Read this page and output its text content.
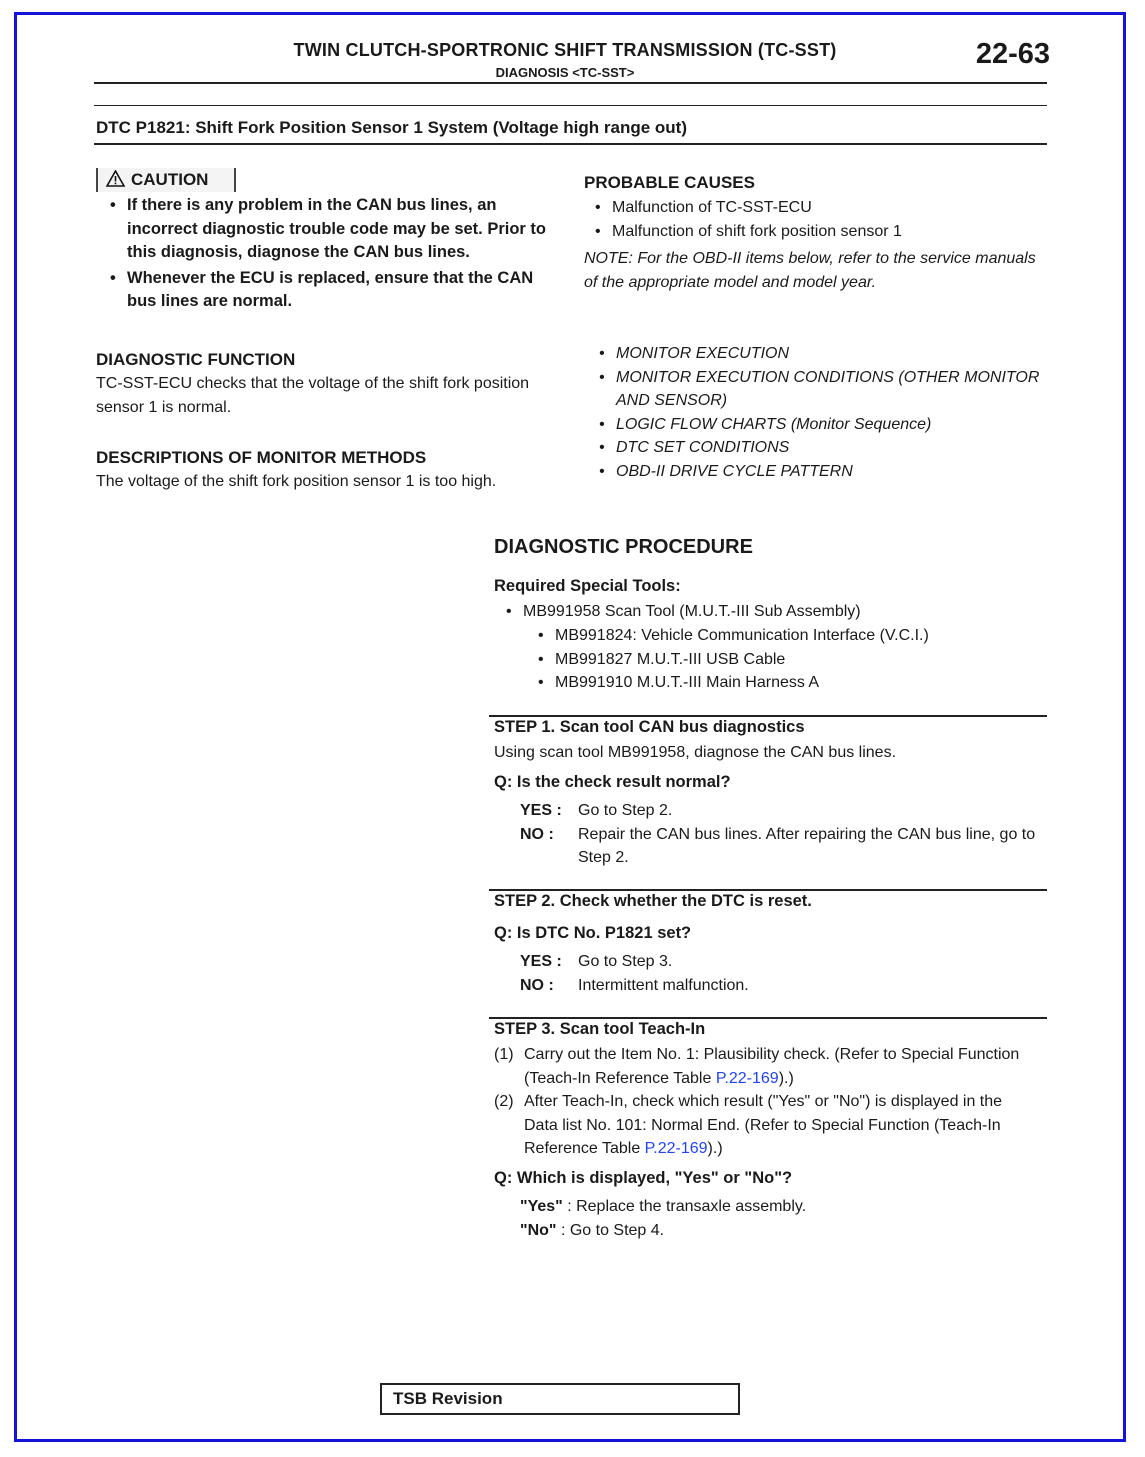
TWIN CLUTCH-SPORTRONIC SHIFT TRANSMISSION (TC-SST)
DIAGNOSIS <TC-SST>
22-63
DTC P1821: Shift Fork Position Sensor 1 System (Voltage high range out)
CAUTION
• If there is any problem in the CAN bus lines, an incorrect diagnostic trouble code may be set. Prior to this diagnosis, diagnose the CAN bus lines.
• Whenever the ECU is replaced, ensure that the CAN bus lines are normal.
DIAGNOSTIC FUNCTION
TC-SST-ECU checks that the voltage of the shift fork position sensor 1 is normal.
DESCRIPTIONS OF MONITOR METHODS
The voltage of the shift fork position sensor 1 is too high.
PROBABLE CAUSES
• Malfunction of TC-SST-ECU
• Malfunction of shift fork position sensor 1
NOTE: For the OBD-II items below, refer to the service manuals of the appropriate model and model year.
• MONITOR EXECUTION
• MONITOR EXECUTION CONDITIONS (OTHER MONITOR AND SENSOR)
• LOGIC FLOW CHARTS (Monitor Sequence)
• DTC SET CONDITIONS
• OBD-II DRIVE CYCLE PATTERN
DIAGNOSTIC PROCEDURE
Required Special Tools:
• MB991958 Scan Tool (M.U.T.-III Sub Assembly)
• MB991824: Vehicle Communication Interface (V.C.I.)
• MB991827 M.U.T.-III USB Cable
• MB991910 M.U.T.-III Main Harness A
STEP 1. Scan tool CAN bus diagnostics
Using scan tool MB991958, diagnose the CAN bus lines.
Q: Is the check result normal?
YES :	Go to Step 2.
NO :	Repair the CAN bus lines. After repairing the CAN bus line, go to Step 2.
STEP 2. Check whether the DTC is reset.
Q: Is DTC No. P1821 set?
YES :	Go to Step 3.
NO :	Intermittent malfunction.
STEP 3. Scan tool Teach-In
(1) Carry out the Item No. 1: Plausibility check. (Refer to Special Function (Teach-In Reference Table P.22-169).)
(2) After Teach-In, check which result ("Yes" or "No") is displayed in the Data list No. 101: Normal End. (Refer to Special Function (Teach-In Reference Table P.22-169).)
Q: Which is displayed, "Yes" or "No"?
"Yes" : Replace the transaxle assembly.
"No" : Go to Step 4.
TSB Revision
